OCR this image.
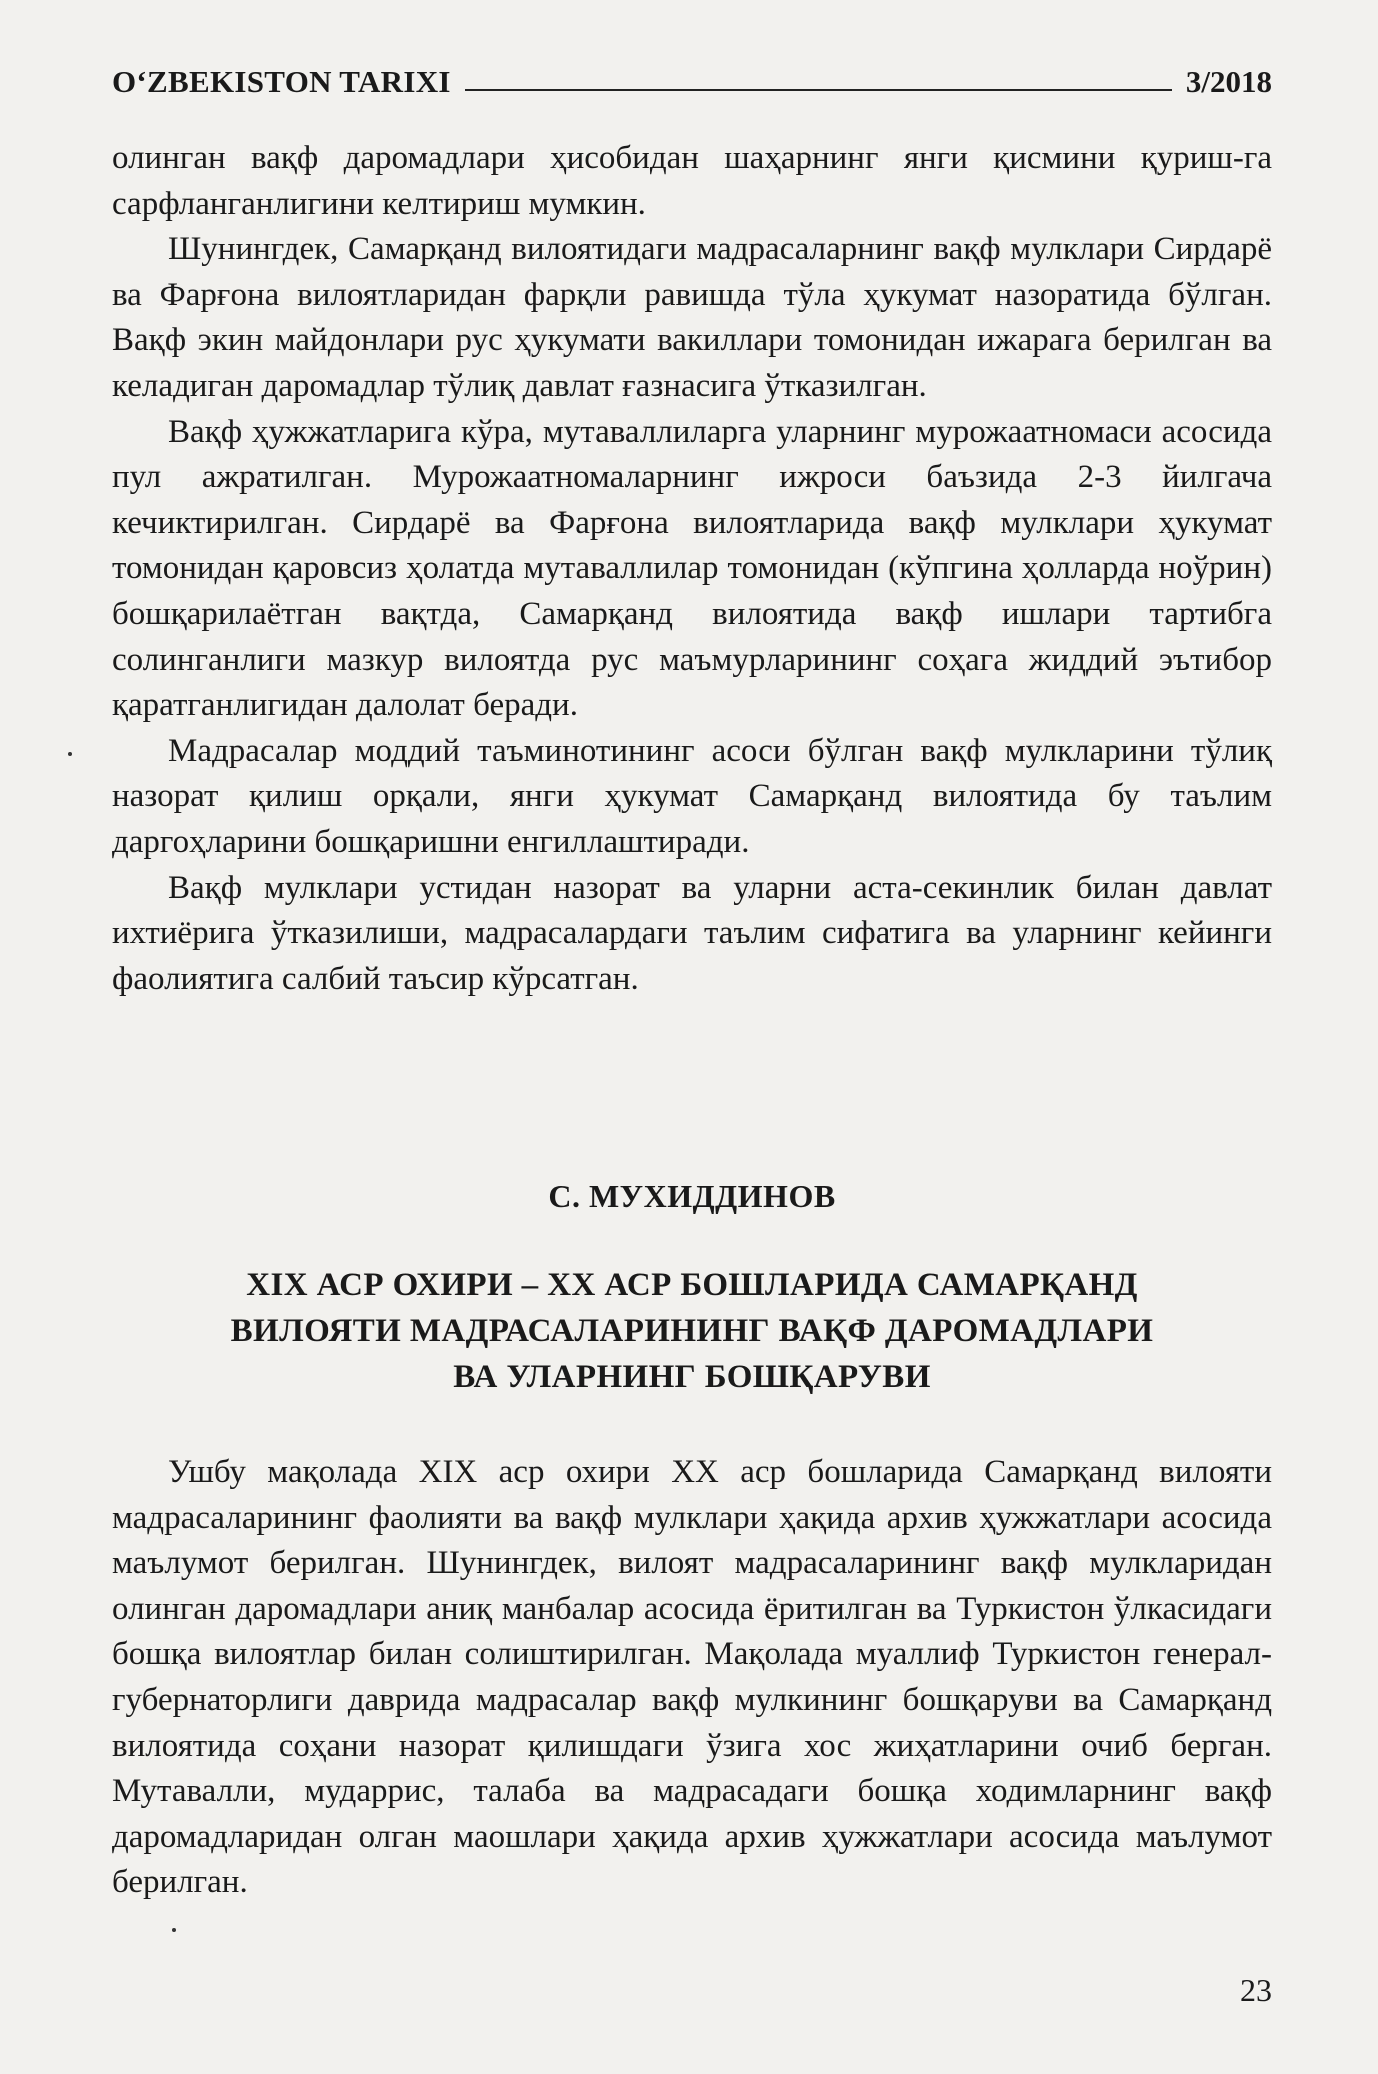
O‘ZBEKISTON TARIXI	3/2018

олинган вақф даромадлари ҳисобидан шаҳарнинг янги қисмини қуриш-га сарфланганлигини келтириш мумкин.

Шунингдек, Самарқанд вилоятидаги мадрасаларнинг вақф мулклари Сирдарё ва Фарғона вилоятларидан фарқли равишда тўла ҳукумат назоратида бўлган. Вақф экин майдонлари рус ҳукумати вакиллари томонидан ижарага берилган ва келадиган даромадлар тўлиқ давлат ғазнасига ўтказилган.

Вақф ҳужжатларига кўра, мутаваллиларга уларнинг мурожаатномаси асосида пул ажратилган. Мурожаатномаларнинг ижроси баъзида 2-3 йилгача кечиктирилган. Сирдарё ва Фарғона вилоятларида вақф мулклари ҳукумат томонидан қаровсиз ҳолатда мутаваллилар томонидан (кўпгина ҳолларда ноўрин) бошқарилаётган вақтда, Самарқанд вилоятида вақф ишлари тартибга солинганлиги мазкур вилоятда рус маъмурларининг соҳага жиддий эътибор қаратганлигидан далолат беради.

Мадрасалар моддий таъминотининг асоси бўлган вақф мулкларини тўлиқ назорат қилиш орқали, янги ҳукумат Самарқанд вилоятида бу таълим даргоҳларини бошқаришни енгиллаштиради.

Вақф мулклари устидан назорат ва уларни аста-секинлик билан давлат ихтиёрига ўтказилиши, мадрасалардаги таълим сифатига ва уларнинг кейинги фаолиятига салбий таъсир кўрсатган.

С. МУХИДДИНОВ
XIX АСР ОХИРИ – XX АСР БОШЛАРИДА САМАРҚАНД
ВИЛОЯТИ МАДРАСАЛАРИНИНГ ВАҚФ ДАРОМАДЛАРИ
ВА УЛАРНИНГ БОШҚАРУВИ

Ушбу мақолада XIX аср охири XX аср бошларида Самарқанд вилояти мадрасаларининг фаолияти ва вақф мулклари ҳақида архив ҳужжатлари асосида маълумот берилган. Шунингдек, вилоят мадрасаларининг вақф мулкларидан олинган даромадлари аниқ манбалар асосида ёритилган ва Туркистон ўлкасидаги бошқа вилоятлар билан солиштирилган. Мақолада муаллиф Туркистон генерал-губернаторлиги даврида мадрасалар вақф мулкининг бошқаруви ва Самарқанд вилоятида соҳани назорат қилишдаги ўзига хос жиҳатларини очиб берган. Мутавалли, мударрис, талаба ва мадрасадаги бошқа ходимларнинг вақф даромадларидан олган маошлари ҳақида архив ҳужжатлари асосида маълумот берилган.

23
